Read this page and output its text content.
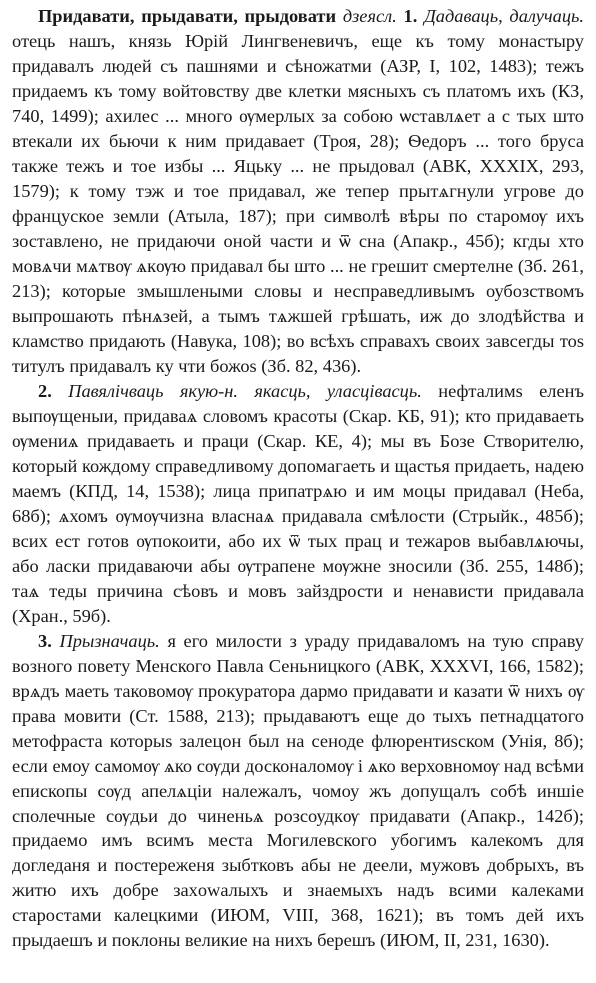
Придавати, прыдавати, прыдовати дзеясл. 1. Дадаваць, далучаць. отець нашъ, князь Юрій Лингвеневичъ, еще къ тому монастыру придавалъ людей съ пашнями и сѣножатми (АЗР, I, 102, 1483); тежъ придаемъ къ тому войтовству две клетки мясныхъ съ платомъ ихъ (КЗ, 740, 1499); ахилес ... много ѹмерлых за собою ѡставлѧет а с тых што втекали их бьючи к ним придавает (Троя, 28); Ѳедоръ ... того бруса также тежъ и тое избы ... Яцьку ... не прыдовал (АВК, XXXIX, 293, 1579); к тому тэж и тое придавал, же тепер прытѧгнули угрове до француское земли (Атыла, 187); при символѣ вѣры по старомѹ ихъ зоставлено, не придаючи оной части и ѿ сна (Апакр., 45б); кгды хто мовѧчи мѧтвѹ ѧкѹю придавал бы што ... не грешит смертелне (Зб. 261, 213); которые змышлеными словы и несправедливымъ оубозствомъ выпрошають пѣнѧзей, а тымъ тѧжшей грѣшать, иж до злодѣйства и кламство придають (Навука, 108); во всѣхъ справахъ своих завсегды тоѕ титулъ придавалъ ку чти божоѕ (Зб. 82, 436).

2. Павялічваць якую-н. якасць, уласцівасць. нефталимѕ еленъ выпѹщеныи, придаваѧ словомъ красоты (Скар. КБ, 91); кто придаваеть ѹмениѧ придаваеть и праци (Скар. КЕ, 4); мы въ Бозе Створителю, который кождому справедливому допомагаеть и щастья придаеть, надею маемъ (КПД, 14, 1538); лица припатрѧю и им моцы придавал (Неба, 68б); ѧхомъ ѹмѹчизна власнаѧ придавала смѣлости (Стрыйк., 485б); всих ест готов ѹпокоити, або их ѿ тых прац и тежаров выбавлѧючы, або ласки придаваючи абы ѹтрапене мѹжне зносили (Зб. 255, 148б); таѧ теды причина сѣовъ и мовъ зайздрости и ненависти придавала (Хран., 59б).

3. Прызначаць. я его милости з ураду придаваломъ на тую справу возного повету Менского Павла Сеньницкого (АВК, XXXVI, 166, 1582); врѧдъ маеть таковомѹ прокуратора дармо придавати и казати ѿ нихъ ѹ права мовити (Ст. 1588, 213); прыдаваютъ еще до тыхъ петнадцатого метофраста которыѕ залецон был на сеноде флюрентиѕском (Унія, 8б); если емоу самомѹ ѧко сѹди досконаломѹ і ѧко верховномѹ над всѣми епископы сѹд апелѧціи належалъ, чомоу жъ допущалъ собѣ иншіе сполечные сѹдьи до чиненьѧ розсоудкѹ придавати (Апакр., 142б); придаемо имъ всимъ места Могилевского убогимъ калекомъ для догледаня и постереженя зыбтковъ абы не деели, мужовъ добрыхъ, въ житю ихъ добре захowалыхъ и знаемыхъ надъ всими калеками старостами калецкими (ИЮМ, VIII, 368, 1621); въ томъ дей ихъ прыдаешъ и поклоны великие на нихъ берешъ (ИЮМ, II, 231, 1630).
